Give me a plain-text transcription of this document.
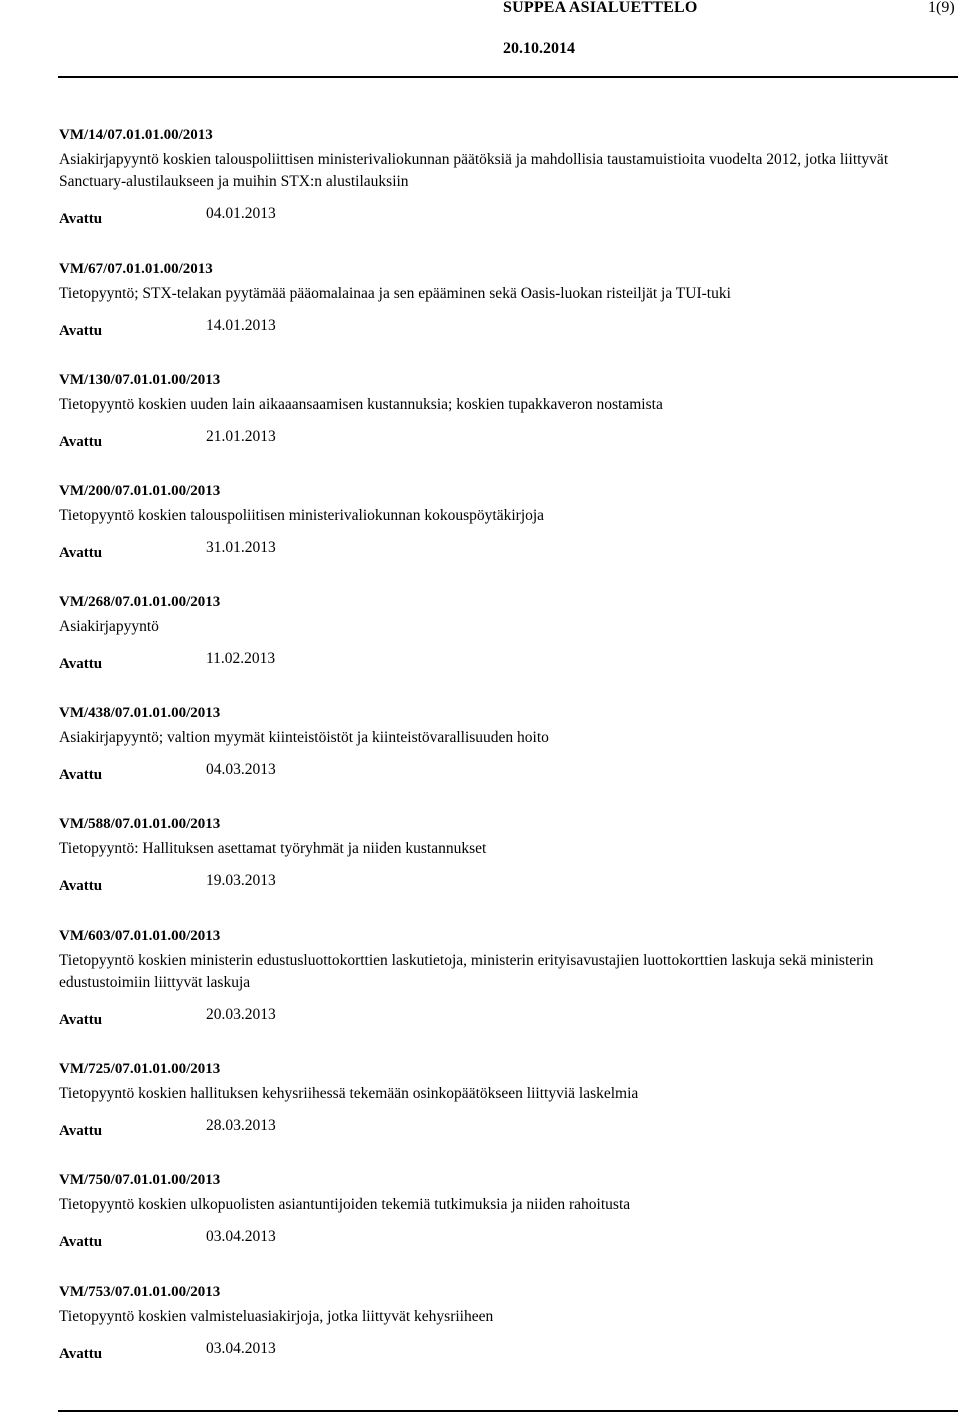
SUPPEA ASIALUETTELO	1(9)
20.10.2014
VM/14/07.01.01.00/2013
Asiakirjapyyntö koskien talouspoliittisen ministerivaliokunnan päätöksiä ja mahdollisia taustamuistioita vuodelta 2012, jotka liittyvät Sanctuary-alustilaukseen ja muihin STX:n alustilauksiin
Avattu	04.01.2013
VM/67/07.01.01.00/2013
Tietopyyntö; STX-telakan pyytämää pääomalainaa ja sen epääminen sekä Oasis-luokan risteiljät ja TUI-tuki
Avattu	14.01.2013
VM/130/07.01.01.00/2013
Tietopyyntö koskien uuden lain aikaaansaamisen kustannuksia; koskien tupakkaveron nostamista
Avattu	21.01.2013
VM/200/07.01.01.00/2013
Tietopyyntö koskien talouspoliitisen ministerivaliokunnan kokouspöytäkirjoja
Avattu	31.01.2013
VM/268/07.01.01.00/2013
Asiakirjapyyntö
Avattu	11.02.2013
VM/438/07.01.01.00/2013
Asiakirjapyyntö; valtion myymät kiinteistöistöt ja kiinteistövarallisuuden hoito
Avattu	04.03.2013
VM/588/07.01.01.00/2013
Tietopyyntö: Hallituksen asettamat työryhmät ja niiden kustannukset
Avattu	19.03.2013
VM/603/07.01.01.00/2013
Tietopyyntö koskien ministerin edustusluottokorttien laskutietoja, ministerin erityisavustajien luottokorttien laskuja sekä ministerin edustustoimiin liittyvät laskuja
Avattu	20.03.2013
VM/725/07.01.01.00/2013
Tietopyyntö koskien hallituksen kehysriihessä tekemään osinkopäätökseen liittyviä laskelmia
Avattu	28.03.2013
VM/750/07.01.01.00/2013
Tietopyyntö koskien ulkopuolisten asiantuntijoiden tekemiä tutkimuksia ja niiden rahoitusta
Avattu	03.04.2013
VM/753/07.01.01.00/2013
Tietopyyntö koskien valmisteluasiakirjoja, jotka liittyvät kehysriiheen
Avattu	03.04.2013
